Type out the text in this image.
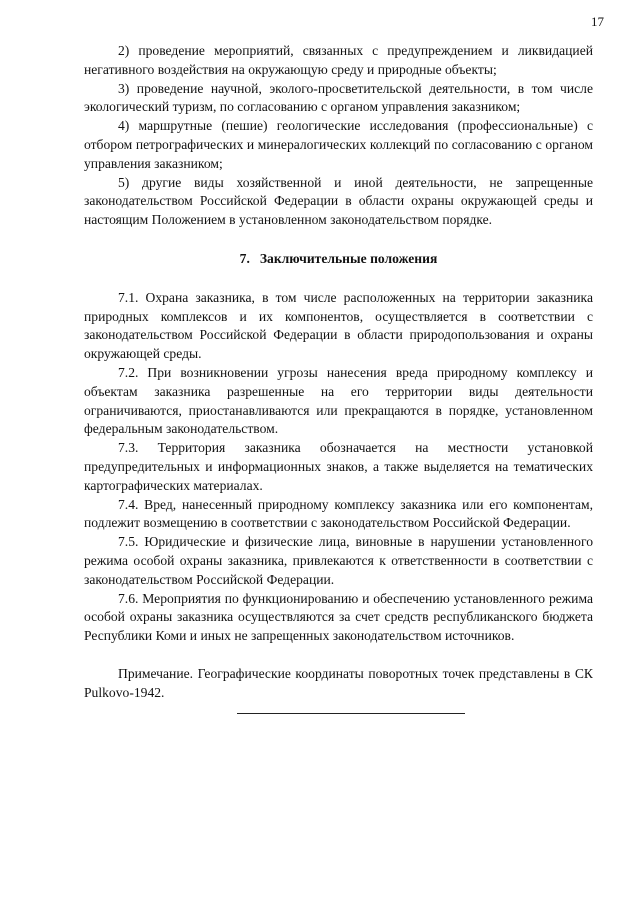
17

2) проведение мероприятий, связанных с предупреждением и ликвидацией негативного воздействия на окружающую среду и природные объекты;

3) проведение научной, эколого-просветительской деятельности, в том числе экологический туризм, по согласованию с органом управления заказником;

4) маршрутные (пешие) геологические исследования (профессиональные) с отбором петрографических и минералогических коллекций по согласованию с органом управления заказником;

5) другие виды хозяйственной и иной деятельности, не запрещенные законодательством Российской Федерации в области охраны окружающей среды и настоящим Положением в установленном законодательством порядке.

7. Заключительные положения

7.1. Охрана заказника, в том числе расположенных на территории заказника природных комплексов и их компонентов, осуществляется в соответствии с законодательством Российской Федерации в области природопользования и охраны окружающей среды.

7.2. При возникновении угрозы нанесения вреда природному комплексу и объектам заказника разрешенные на его территории виды деятельности ограничиваются, приостанавливаются или прекращаются в порядке, установленном федеральным законодательством.

7.3. Территория заказника обозначается на местности установкой предупредительных и информационных знаков, а также выделяется на тематических картографических материалах.

7.4. Вред, нанесенный природному комплексу заказника или его компонентам, подлежит возмещению в соответствии с законодательством Российской Федерации.

7.5. Юридические и физические лица, виновные в нарушении установленного режима особой охраны заказника, привлекаются к ответственности в соответствии с законодательством Российской Федерации.

7.6. Мероприятия по функционированию и обеспечению установленного режима особой охраны заказника осуществляются за счет средств республиканского бюджета Республики Коми и иных не запрещенных законодательством источников.

Примечание. Географические координаты поворотных точек представлены в СК Pulkovo-1942.
